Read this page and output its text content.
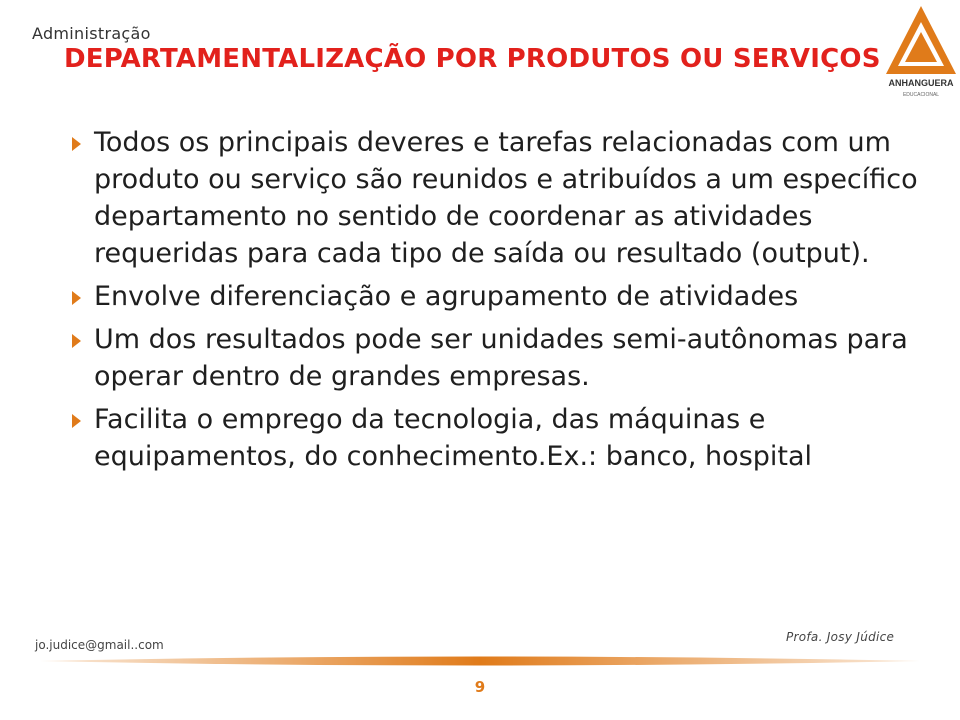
Administração
ANHANGUERA
EDUCACIONAL
DEPARTAMENTALIZAÇÃO POR PRODUTOS OU SERVIÇOS
Todos os principais deveres e tarefas relacionadas com um produto ou serviço são reunidos e atribuídos a um específico departamento no sentido de coordenar as atividades requeridas para cada tipo de saída ou resultado (output).
Envolve diferenciação e agrupamento de atividades
Um dos resultados pode ser unidades semi-autônomas para operar dentro de grandes empresas.
Facilita o emprego da tecnologia, das máquinas e equipamentos, do conhecimento.Ex.: banco, hospital
jo.judice@gmail..com
Profa. Josy Júdice
9
